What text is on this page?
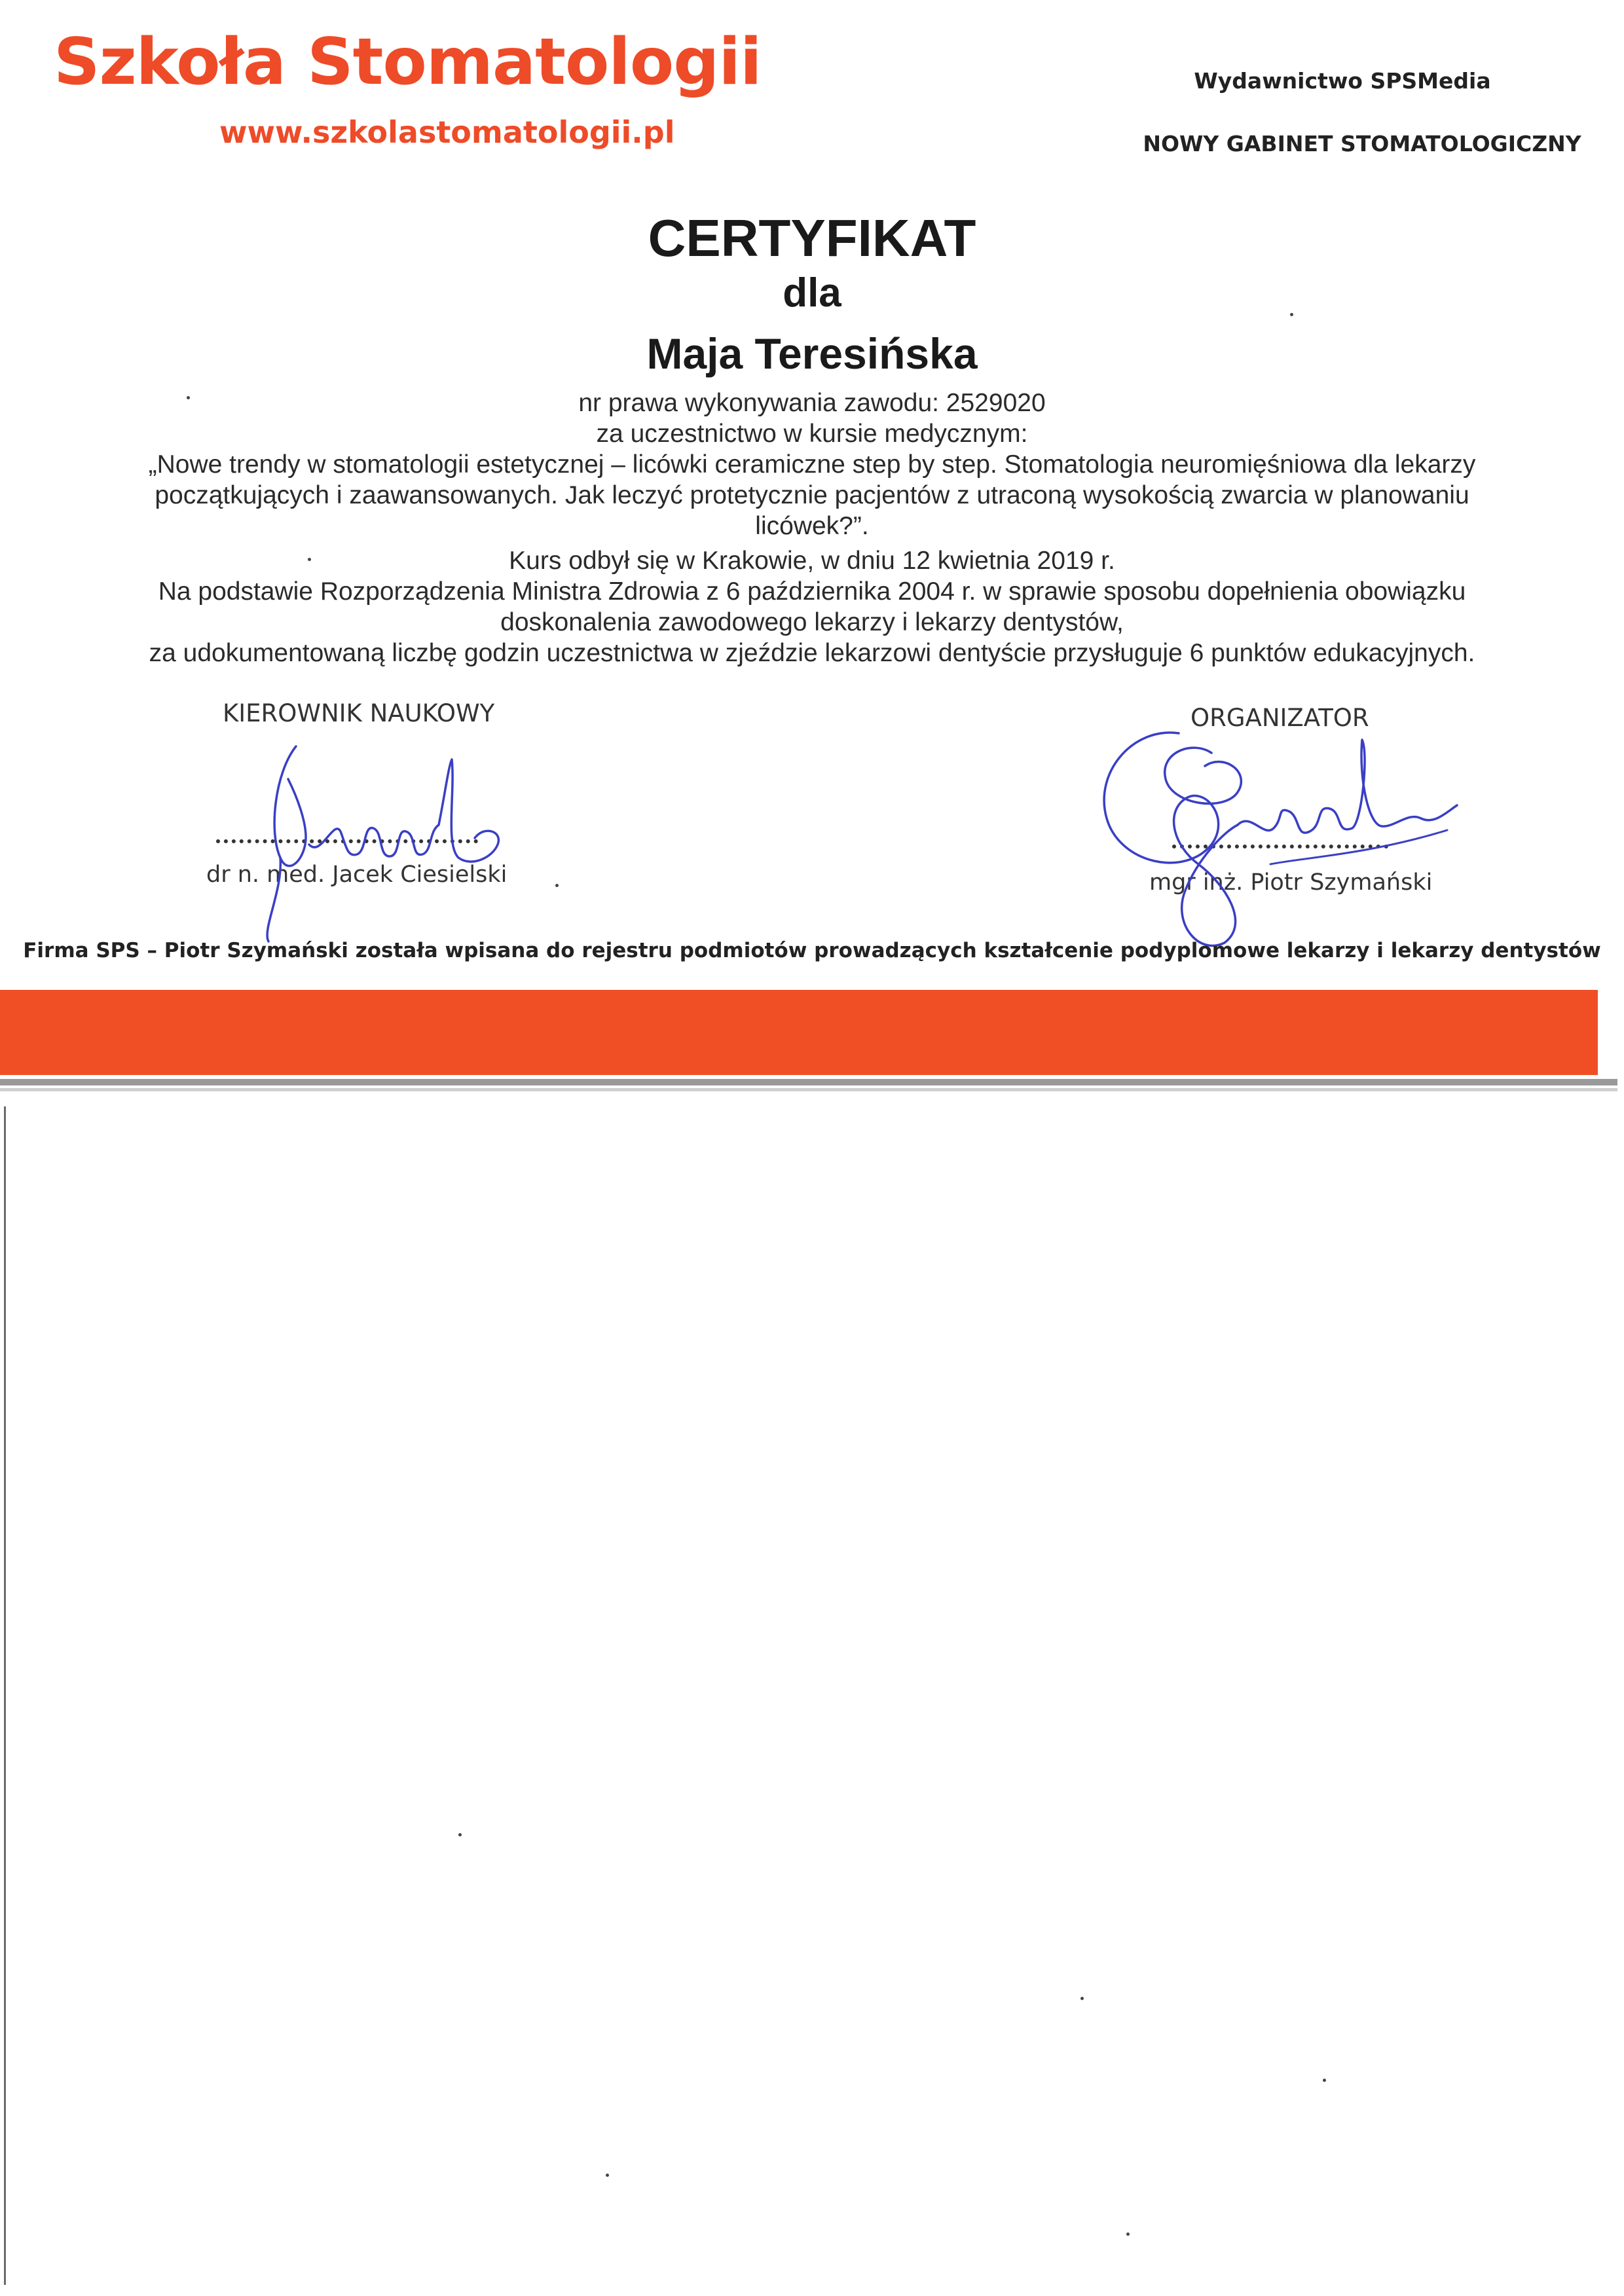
Szkoła Stomatologii
www.szkolastomatologii.pl
Wydawnictwo SPSMedia
NOWY GABINET STOMATOLOGICZNY
CERTYFIKAT
dla
Maja Teresińska

nr prawa wykonywania zawodu: 2529020

za uczestnictwo w kursie medycznym:

„Nowe trendy w stomatologii estetycznej – licówki ceramiczne step by step. Stomatologia neuromięśniowa dla lekarzy początkujących i zaawansowanych. Jak leczyć protetycznie pacjentów z utraconą wysokością zwarcia w planowaniu licówek?”.

Kurs odbył się w Krakowie, w dniu 12 kwietnia 2019 r.

Na podstawie Rozporządzenia Ministra Zdrowia z 6 października 2004 r. w sprawie sposobu dopełnienia obowiązku doskonalenia zawodowego lekarzy i lekarzy dentystów,

za udokumentowaną liczbę godzin uczestnictwa w zjeździe lekarzowi dentyście przysługuje 6 punktów edukacyjnych.

KIEROWNIK NAUKOWY	ORGANIZATOR
dr n. med. Jacek Ciesielski	mgr inż. Piotr Szymański
Firma SPS – Piotr Szymański została wpisana do rejestru podmiotów prowadzących kształcenie podyplomowe lekarzy i lekarzy dentystów
